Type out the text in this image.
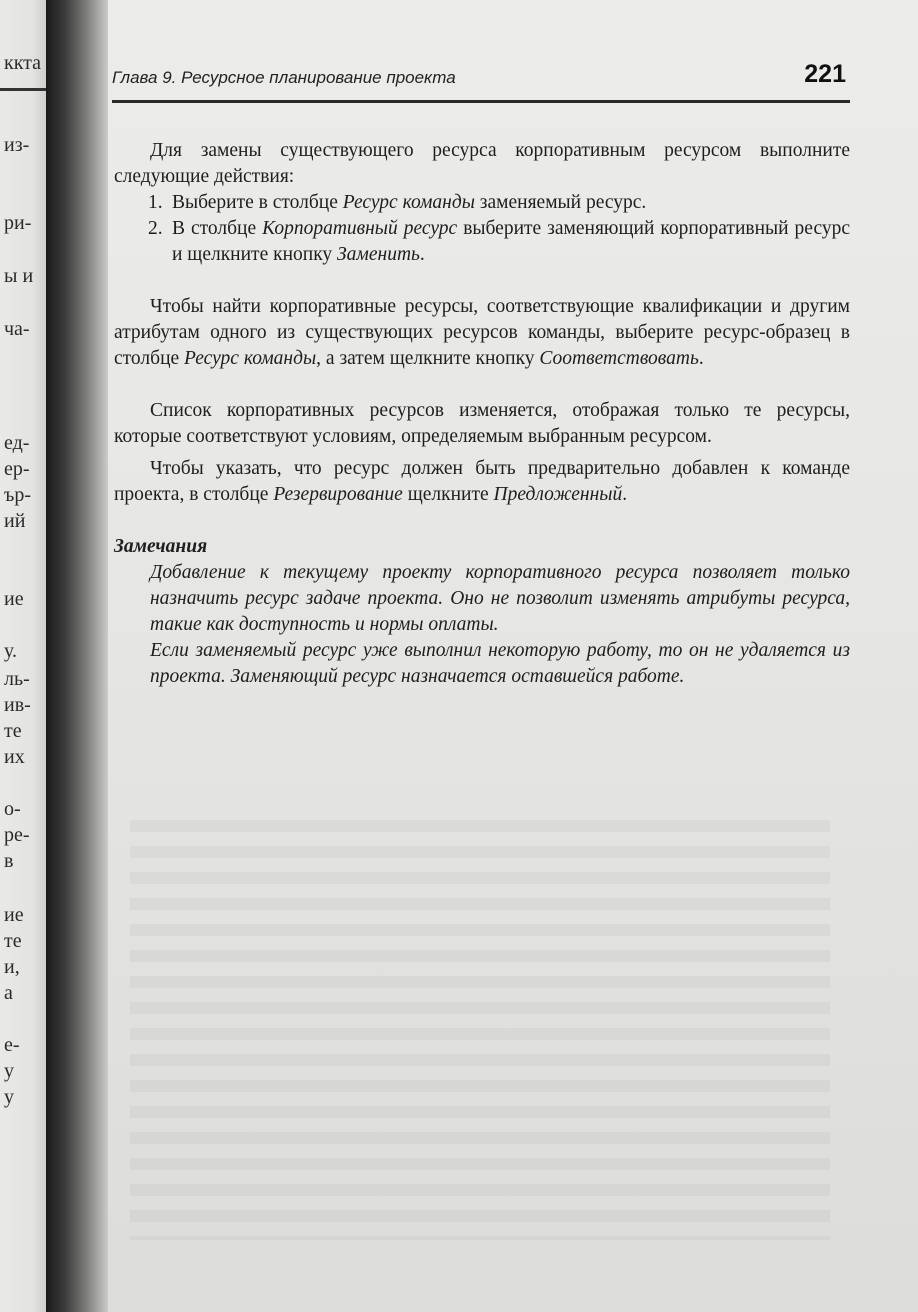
ккта
из-
ри-
ы и
ча-
ед-
ер-
ър-
ий
ие
у.
ль-
ив-
те
их
о-
ре-
в
ие
те
и,
а
е-
у
у
Глава 9. Ресурсное планирование проекта	221

Для замены существующего ресурса корпоративным ресурсом выполните следующие действия:

1. Выберите в столбце Ресурс команды заменяемый ресурс.
2. В столбце Корпоративный ресурс выберите заменяющий корпоративный ресурс и щелкните кнопку Заменить.

Чтобы найти корпоративные ресурсы, соответствующие квалификации и другим атрибутам одного из существующих ресурсов команды, выберите ресурс-образец в столбце Ресурс команды, а затем щелкните кнопку Соответствовать.

Список корпоративных ресурсов изменяется, отображая только те ресурсы, которые соответствуют условиям, определяемым выбранным ресурсом.

Чтобы указать, что ресурс должен быть предварительно добавлен к команде проекта, в столбце Резервирование щелкните Предложенный.

Замечания

Добавление к текущему проекту корпоративного ресурса позволяет только назначить ресурс задаче проекта. Оно не позволит изменять атрибуты ресурса, такие как доступность и нормы оплаты.

Если заменяемый ресурс уже выполнил некоторую работу, то он не удаляется из проекта. Заменяющий ресурс назначается оставшейся работе.
